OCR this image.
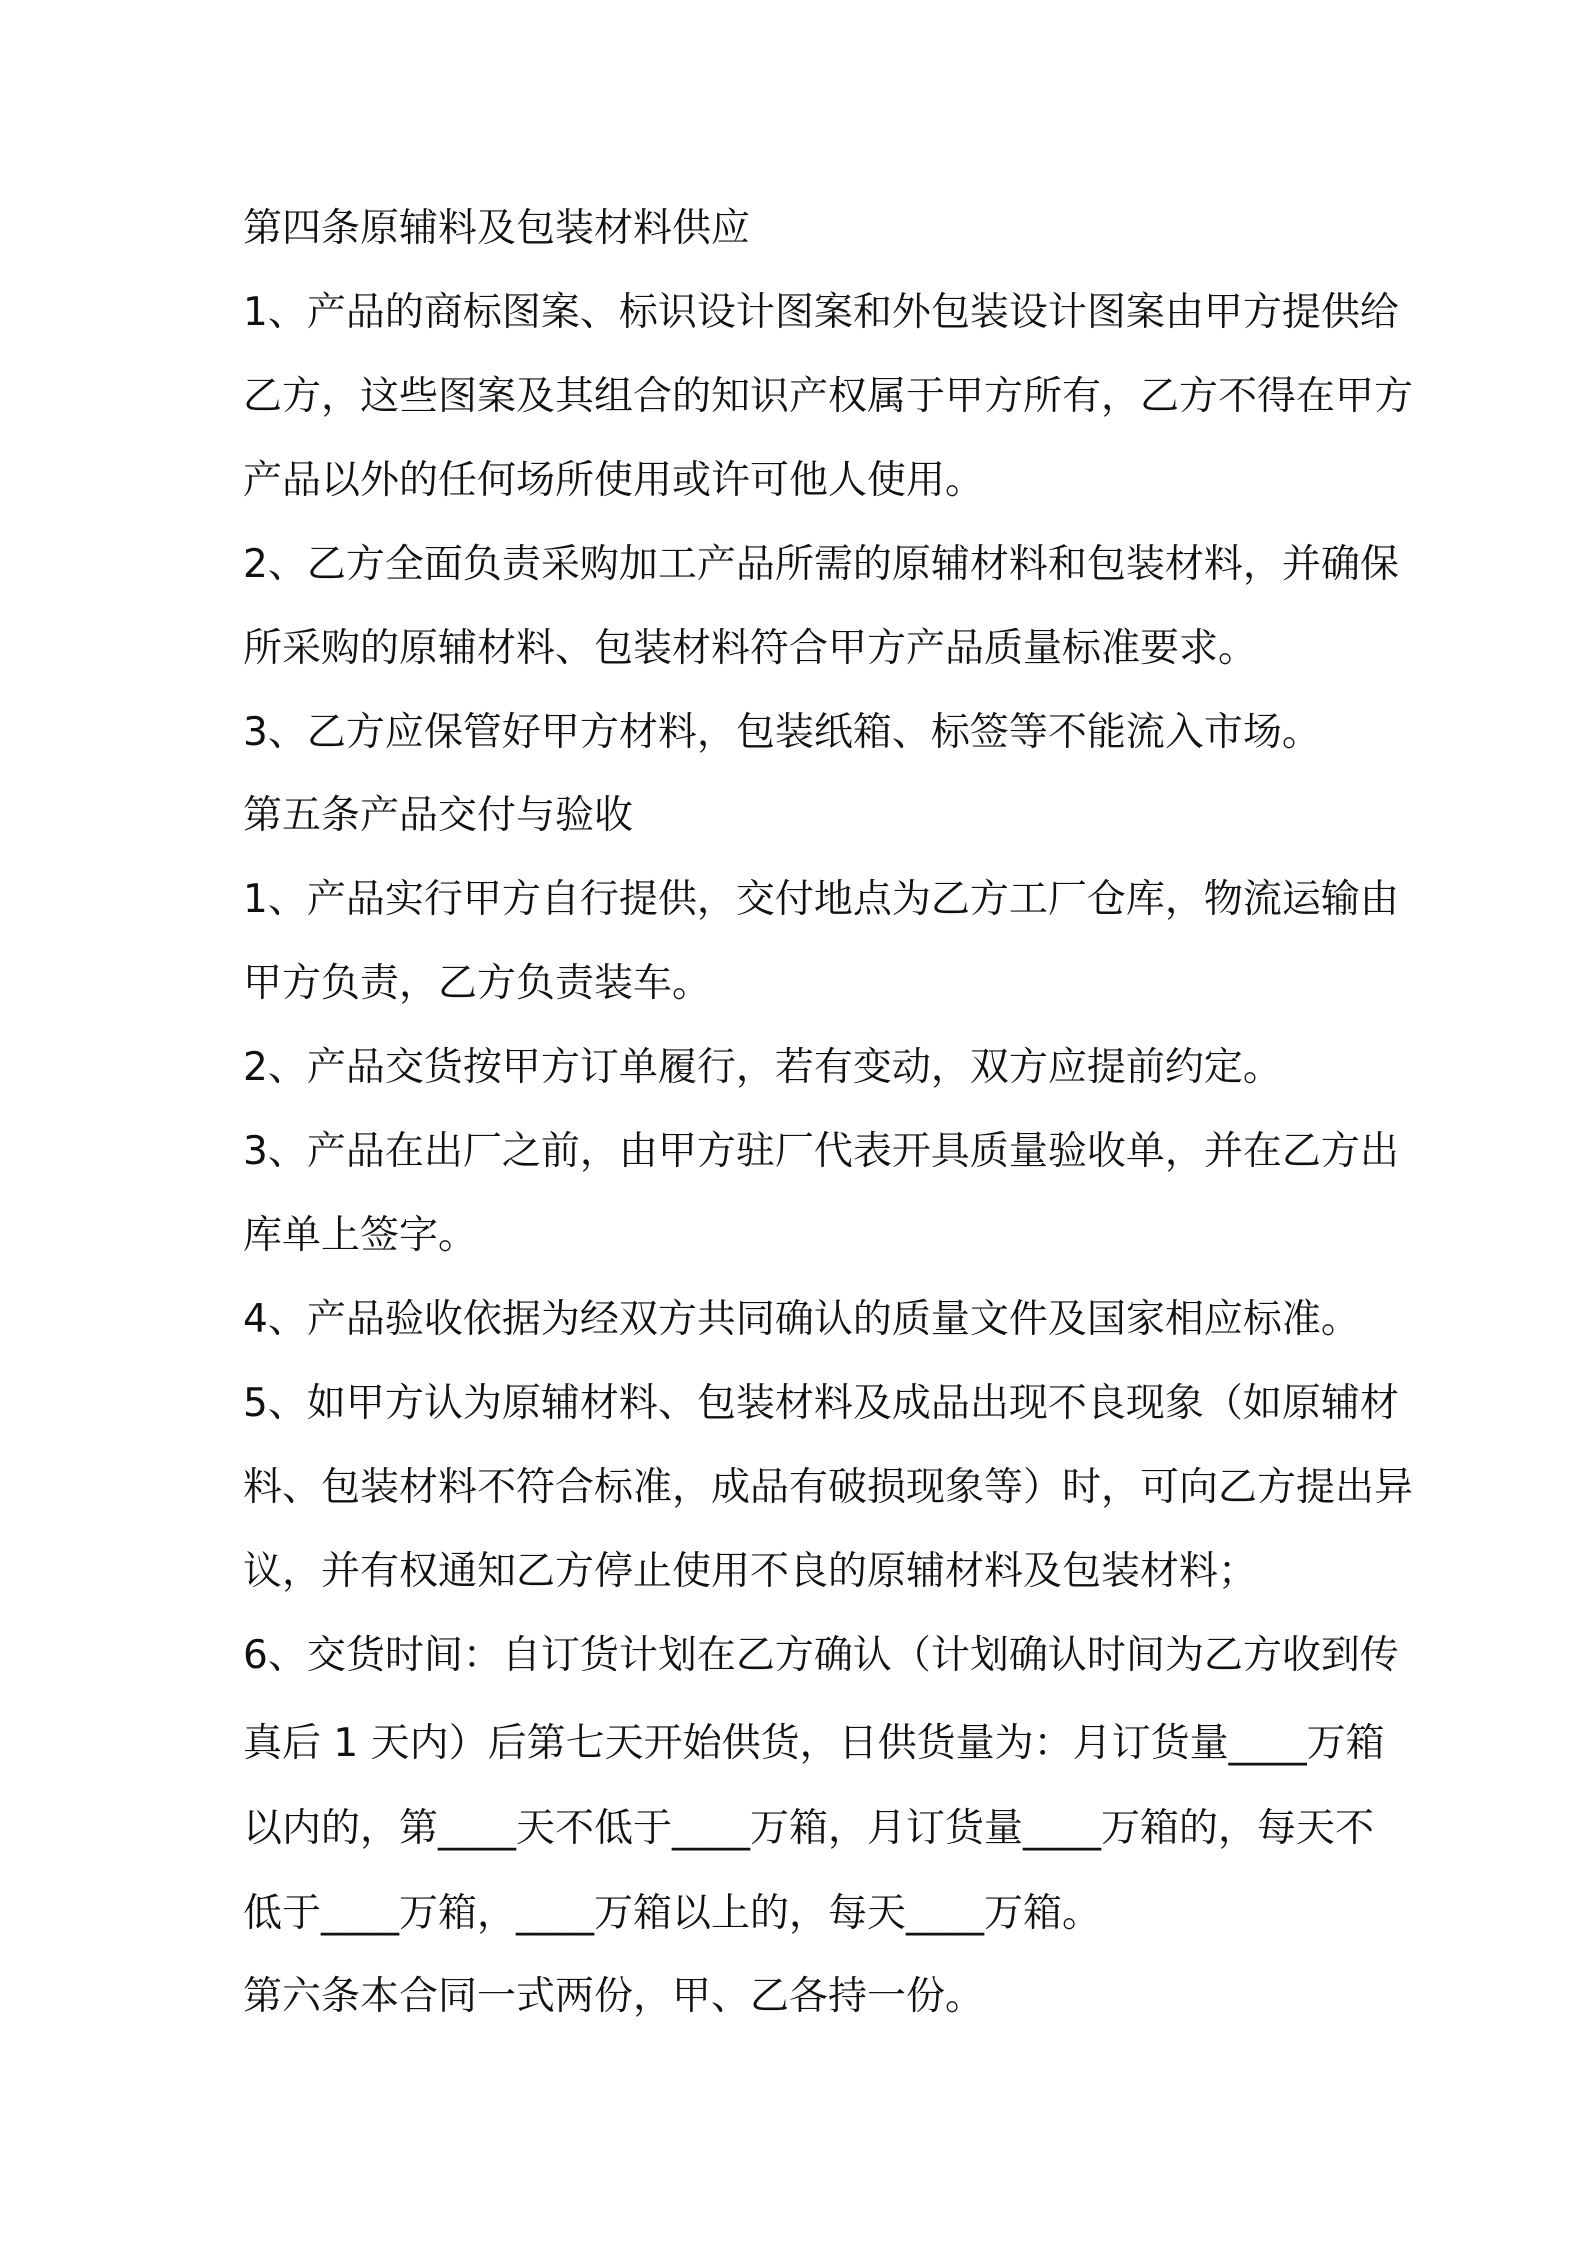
第四条原辅料及包装材料供应
1、产品的商标图案、标识设计图案和外包装设计图案由甲方提供给
乙方，这些图案及其组合的知识产权属于甲方所有，乙方不得在甲方
产品以外的任何场所使用或许可他人使用。
2、乙方全面负责采购加工产品所需的原辅材料和包装材料，并确保
所采购的原辅材料、包装材料符合甲方产品质量标准要求。
3、乙方应保管好甲方材料，包装纸箱、标签等不能流入市场。
第五条产品交付与验收
1、产品实行甲方自行提供，交付地点为乙方工厂仓库，物流运输由
甲方负责，乙方负责装车。
2、产品交货按甲方订单履行，若有变动，双方应提前约定。
3、产品在出厂之前，由甲方驻厂代表开具质量验收单，并在乙方出
库单上签字。
4、产品验收依据为经双方共同确认的质量文件及国家相应标准。
5、如甲方认为原辅材料、包装材料及成品出现不良现象（如原辅材
料、包装材料不符合标准，成品有破损现象等）时，可向乙方提出异
议，并有权通知乙方停止使用不良的原辅材料及包装材料；
6、交货时间：自订货计划在乙方确认（计划确认时间为乙方收到传
真后 1 天内）后第七天开始供货，日供货量为：月订货量____万箱
以内的，第____天不低于____万箱，月订货量____万箱的，每天不
低于____万箱，____万箱以上的，每天____万箱。
第六条本合同一式两份，甲、乙各持一份。
